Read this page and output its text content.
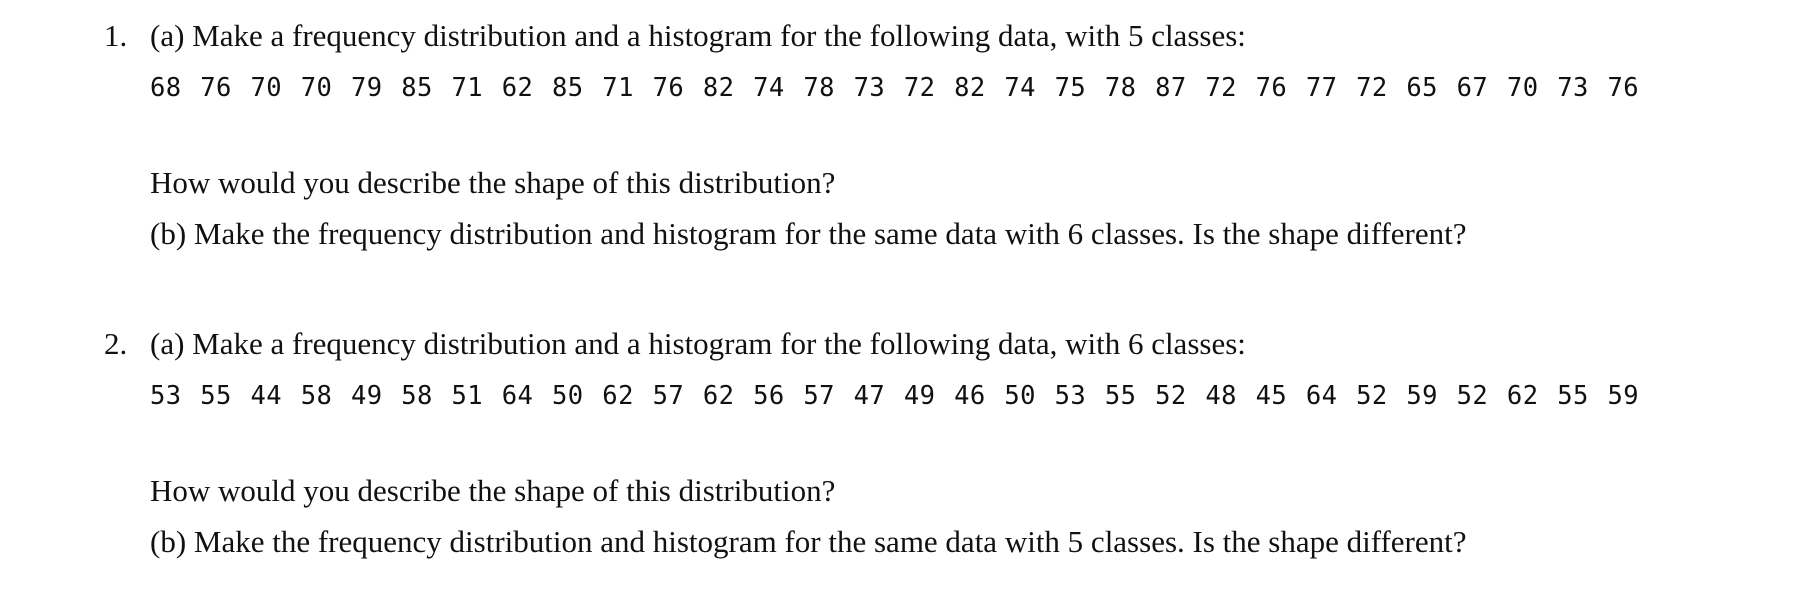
1. (a) Make a frequency distribution and a histogram for the following data, with 5 classes:
68 76 70 70 79 85 71 62 85 71 76 82 74 78 73 72 82 74 75 78 87 72 76 77 72 65 67 70 73 76
How would you describe the shape of this distribution?
(b) Make the frequency distribution and histogram for the same data with 6 classes. Is the shape different?
2. (a) Make a frequency distribution and a histogram for the following data, with 6 classes:
53 55 44 58 49 58 51 64 50 62 57 62 56 57 47 49 46 50 53 55 52 48 45 64 52 59 52 62 55 59
How would you describe the shape of this distribution?
(b) Make the frequency distribution and histogram for the same data with 5 classes. Is the shape different?
